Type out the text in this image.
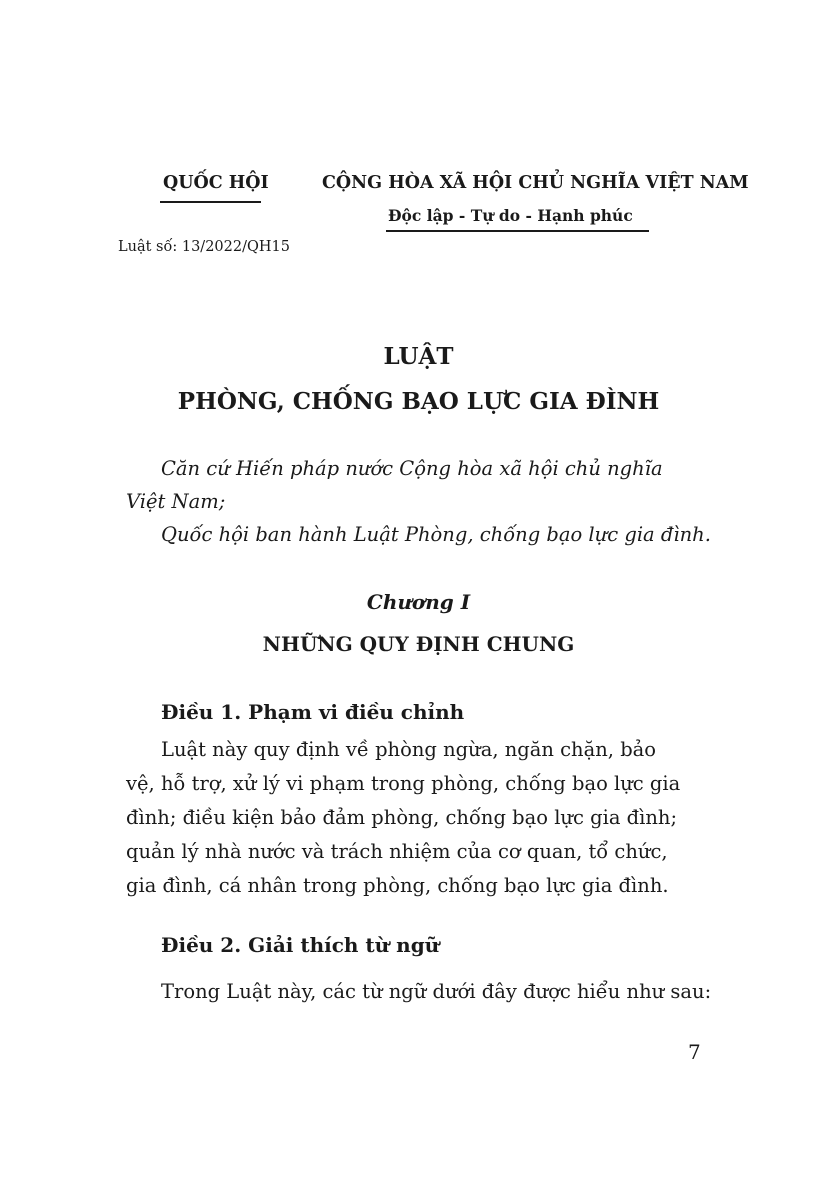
QUỐC HỘI	CỘNG HÒA XÃ HỘI CHỦ NGHĨA VIỆT NAM
Độc lập - Tự do - Hạnh phúc
Luật số: 13/2022/QH15
LUẬT
PHÒNG, CHỐNG BẠO LỰC GIA ĐÌNH
Căn cứ Hiến pháp nước Cộng hòa xã hội chủ nghĩa
Việt Nam;
Quốc hội ban hành Luật Phòng, chống bạo lực gia đình.
Chương I
NHỮNG QUY ĐỊNH CHUNG
Điều 1. Phạm vi điều chỉnh
Luật này quy định về phòng ngừa, ngăn chặn, bảo
vệ, hỗ trợ, xử lý vi phạm trong phòng, chống bạo lực gia
đình; điều kiện bảo đảm phòng, chống bạo lực gia đình;
quản lý nhà nước và trách nhiệm của cơ quan, tổ chức,
gia đình, cá nhân trong phòng, chống bạo lực gia đình.
Điều 2. Giải thích từ ngữ
Trong Luật này, các từ ngữ dưới đây được hiểu như sau:
7
